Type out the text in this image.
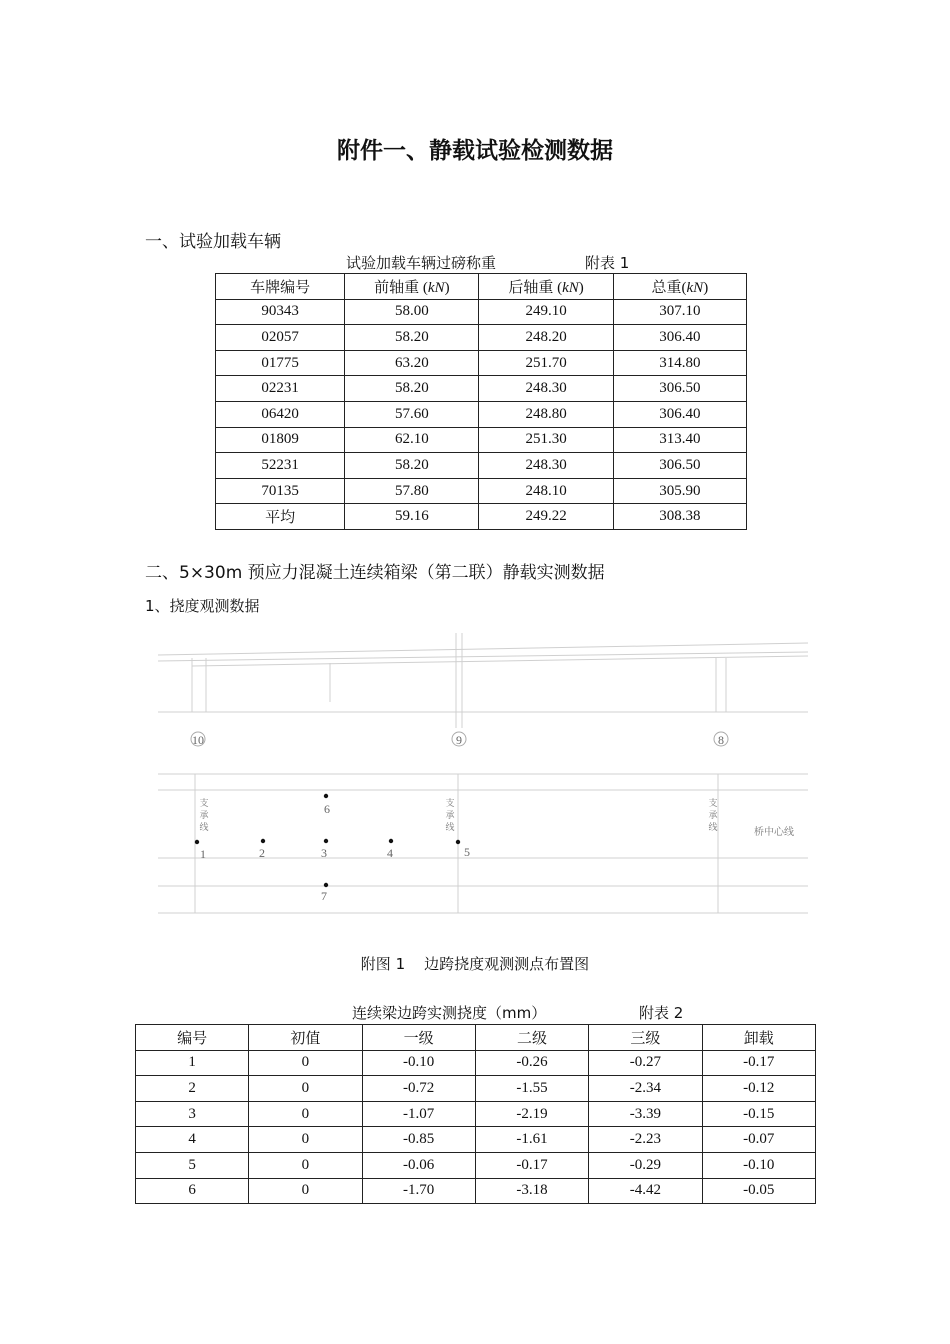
附件一、静载试验检测数据
一、试验加载车辆
试验加载车辆过磅称重	附表 1
车牌编号	前轴重 (kN)	后轴重 (kN)	总重(kN)
90343	58.00	249.10	307.10
02057	58.20	248.20	306.40
01775	63.20	251.70	314.80
02231	58.20	248.30	306.50
06420	57.60	248.80	306.40
01809	62.10	251.30	313.40
52231	58.20	248.30	306.50
70135	57.80	248.10	305.90
平均	59.16	249.22	308.38
二、5×30m 预应力混凝土连续箱梁（第二联）静载实测数据
1、挠度观测数据
10	9	8
支
承
线
支
承
线
支
承
线	桥中心线
1	2	3	4	5
6
7
附图 1    边跨挠度观测测点布置图
连续梁边跨实测挠度（mm）	附表 2
编号	初值	一级	二级	三级	卸载
1	0	-0.10	-0.26	-0.27	-0.17
2	0	-0.72	-1.55	-2.34	-0.12
3	0	-1.07	-2.19	-3.39	-0.15
4	0	-0.85	-1.61	-2.23	-0.07
5	0	-0.06	-0.17	-0.29	-0.10
6	0	-1.70	-3.18	-4.42	-0.05
